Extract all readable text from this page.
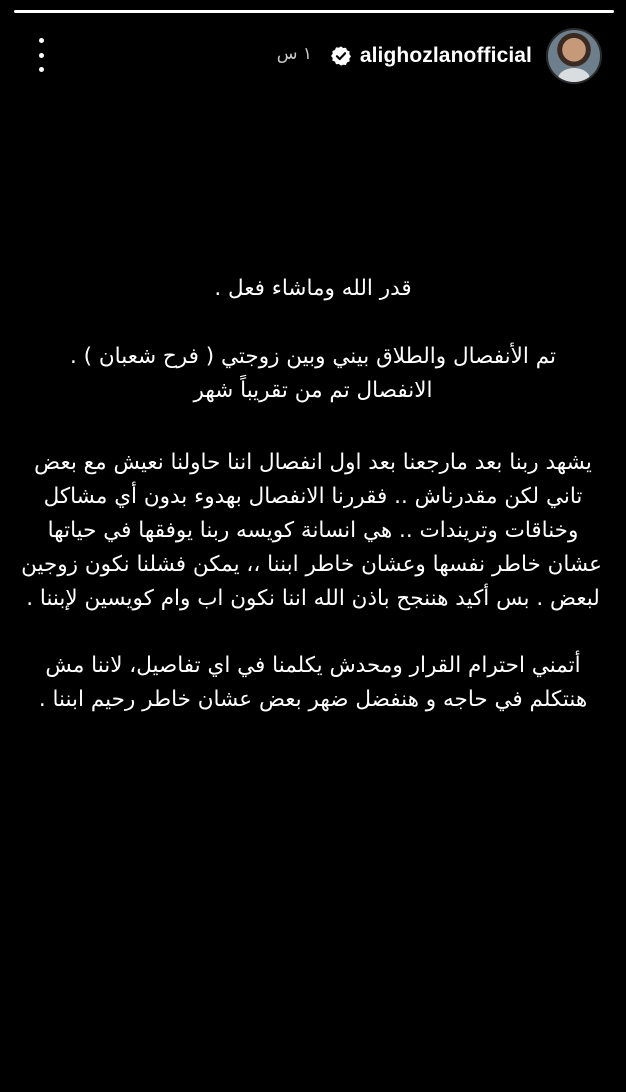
١ س alighozlanofficial

قدر الله وماشاء فعل .

تم الأنفصال والطلاق بيني وبين زوجتي ( فرح شعبان ) .

الانفصال تم من تقريباً شهر

يشهد ربنا بعد مارجعنا بعد اول انفصال اننا حاولنا نعيش مع بعض

تاني لكن مقدرناش .. فقررنا الانفصال بهدوء بدون أي مشاكل

وخناقات وتريندات .. هي انسانة كويسه ربنا يوفقها في حياتها

عشان خاطر نفسها وعشان خاطر ابننا ،، يمكن فشلنا نكون زوجين

لبعض . بس أكيد هننجح باذن الله اننا نكون اب وام كويسين لإبننا .

أتمني احترام القرار ومحدش يكلمنا في اي تفاصيل، لاننا مش

هنتكلم في حاجه و هنفضل ضهر بعض عشان خاطر رحيم ابننا .
